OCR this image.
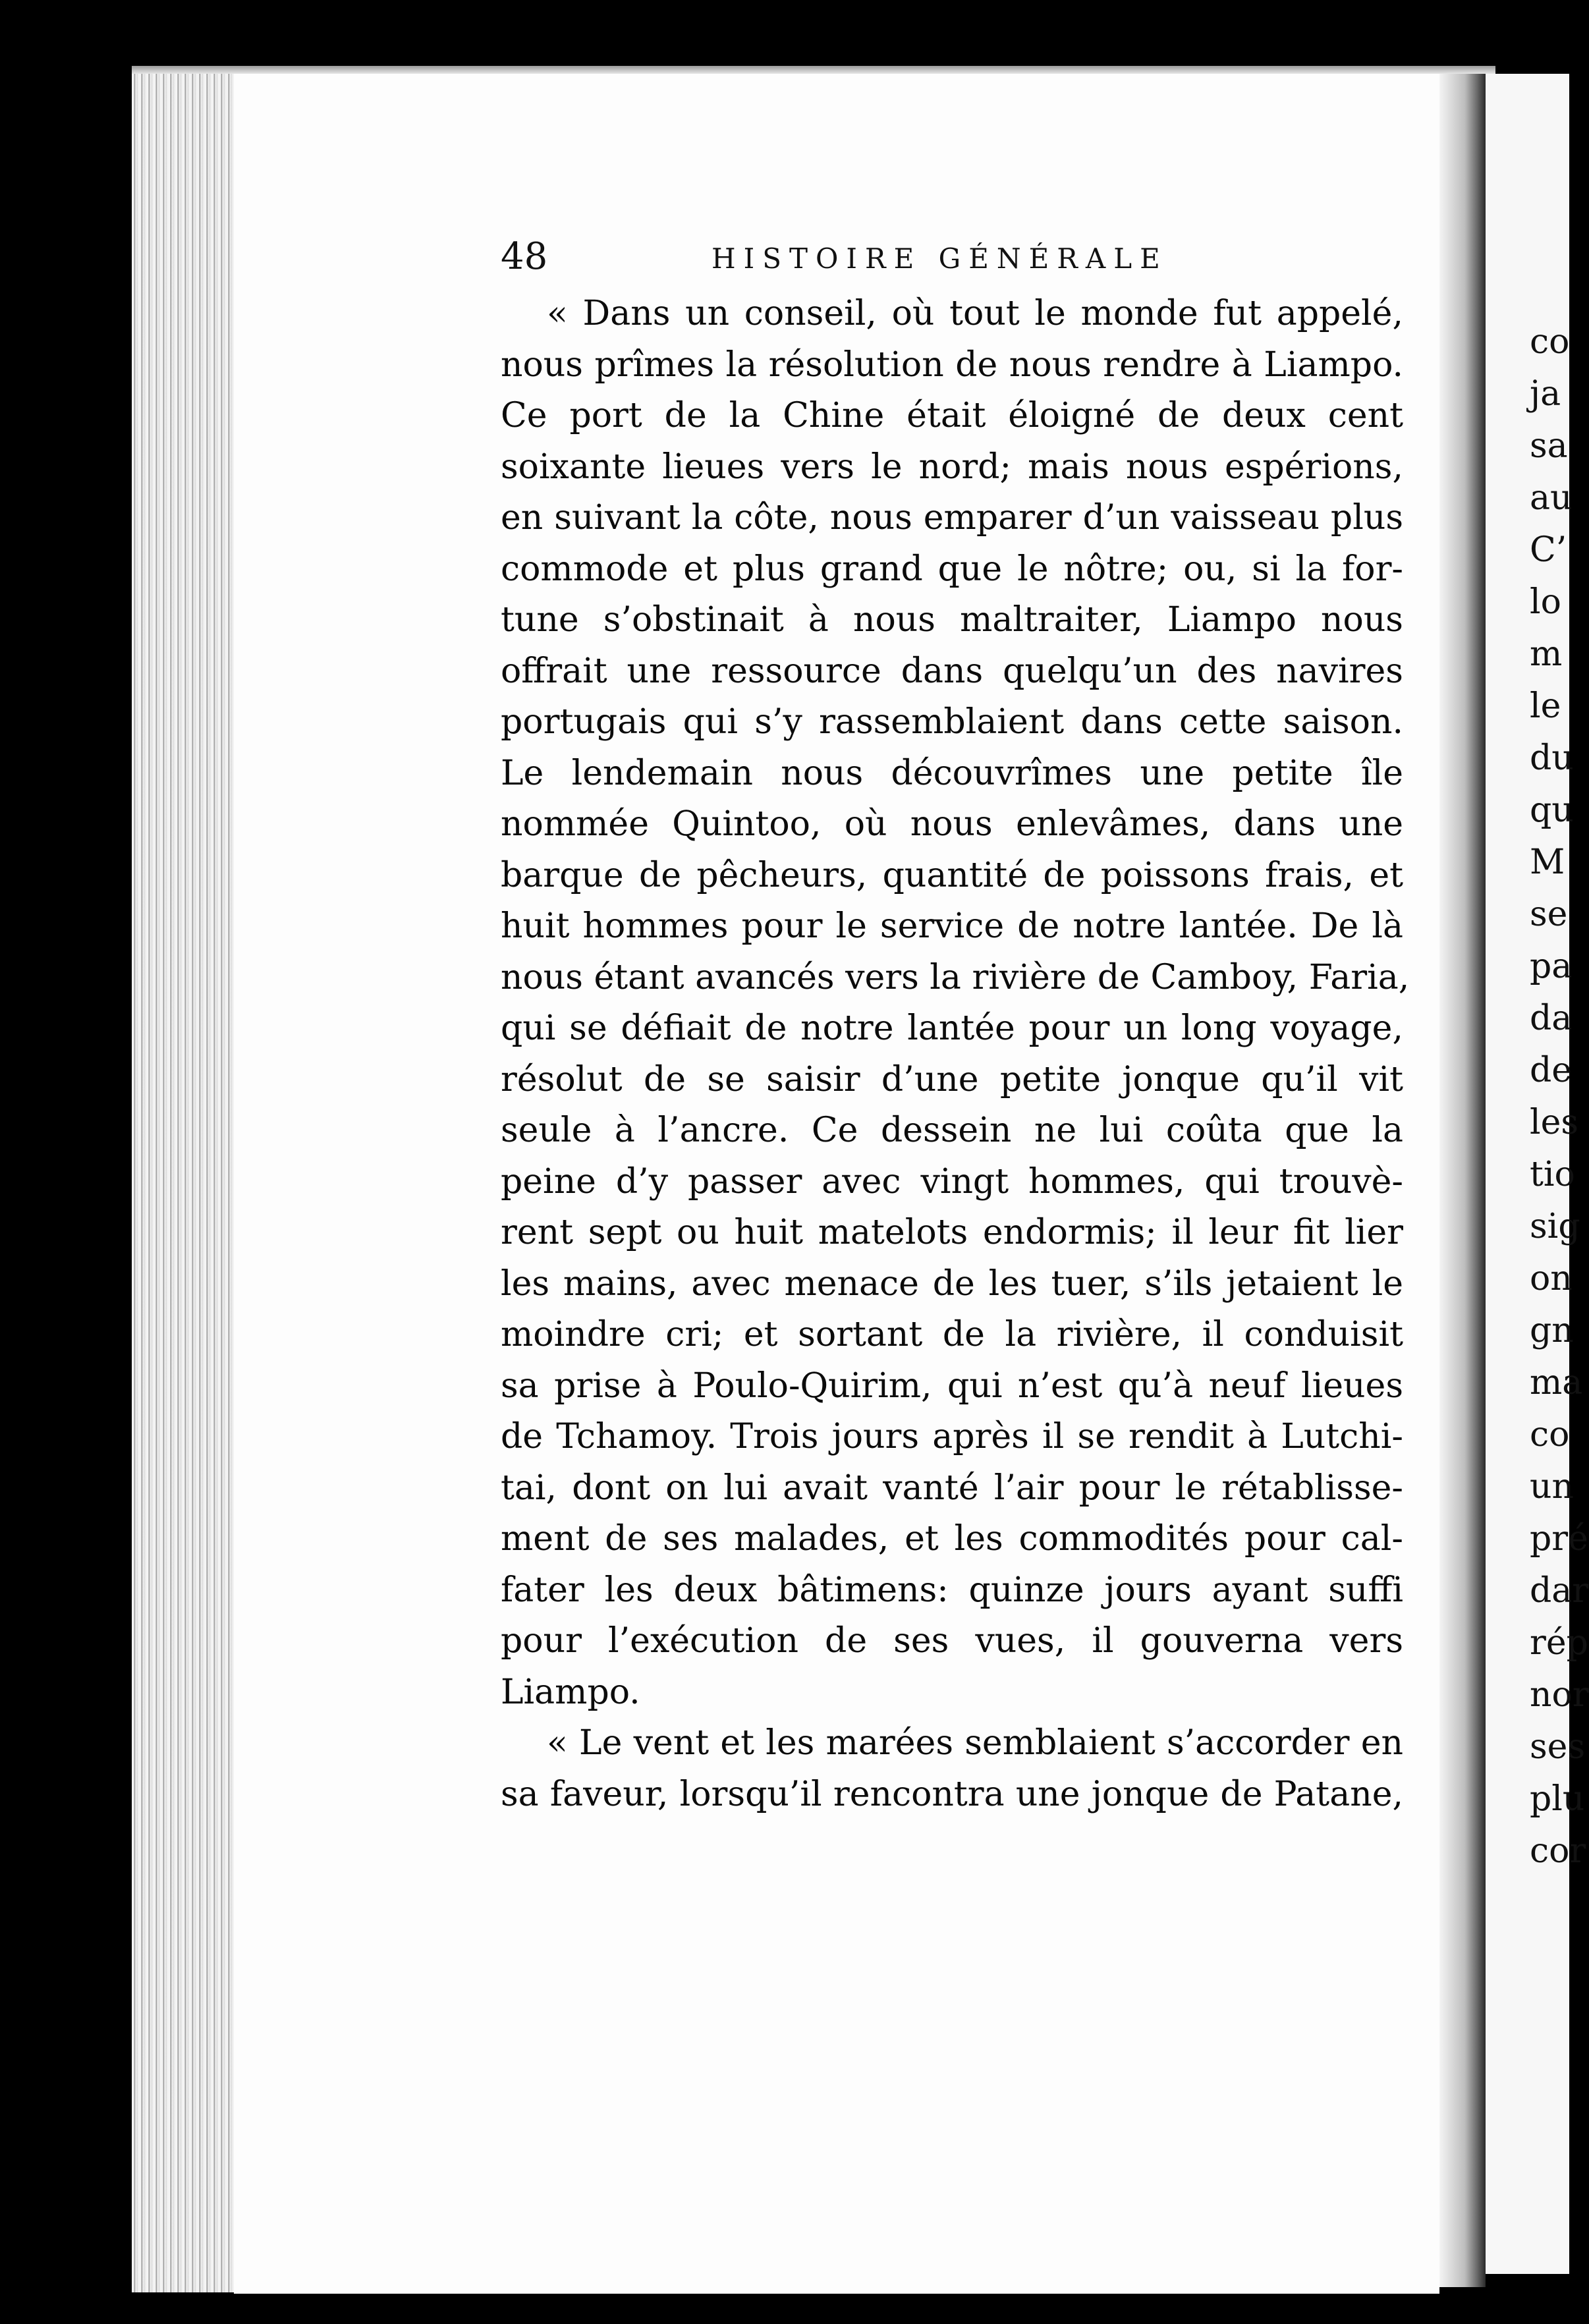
co
ja
sa
au
C’
lo
m
le
du
qu
M
se
pa
da
de
les
tio
sig
on
gn
ma
co
un
pré
dar
rép
nor
ses
plu
cor
48	HISTOIRE GÉNÉRALE
« Dans un conseil, où tout le monde fut appelé,
nous prîmes la résolution de nous rendre à Liampo.
Ce port de la Chine était éloigné de deux cent
soixante lieues vers le nord; mais nous espérions,
en suivant la côte, nous emparer d’un vaisseau plus
commode et plus grand que le nôtre; ou, si la for-
tune s’obstinait à nous maltraiter, Liampo nous
offrait une ressource dans quelqu’un des navires
portugais qui s’y rassemblaient dans cette saison.
Le lendemain nous découvrîmes une petite île
nommée Quintoo, où nous enlevâmes, dans une
barque de pêcheurs, quantité de poissons frais, et
huit hommes pour le service de notre lantée. De là
nous étant avancés vers la rivière de Camboy, Faria,
qui se défiait de notre lantée pour un long voyage,
résolut de se saisir d’une petite jonque qu’il vit
seule à l’ancre. Ce dessein ne lui coûta que la
peine d’y passer avec vingt hommes, qui trouvè-
rent sept ou huit matelots endormis; il leur fit lier
les mains, avec menace de les tuer, s’ils jetaient le
moindre cri; et sortant de la rivière, il conduisit
sa prise à Poulo-Quirim, qui n’est qu’à neuf lieues
de Tchamoy. Trois jours après il se rendit à Lutchi-
tai, dont on lui avait vanté l’air pour le rétablisse-
ment de ses malades, et les commodités pour cal-
fater les deux bâtimens: quinze jours ayant suffi
pour l’exécution de ses vues, il gouverna vers
Liampo.
« Le vent et les marées semblaient s’accorder en
sa faveur, lorsqu’il rencontra une jonque de Patane,
